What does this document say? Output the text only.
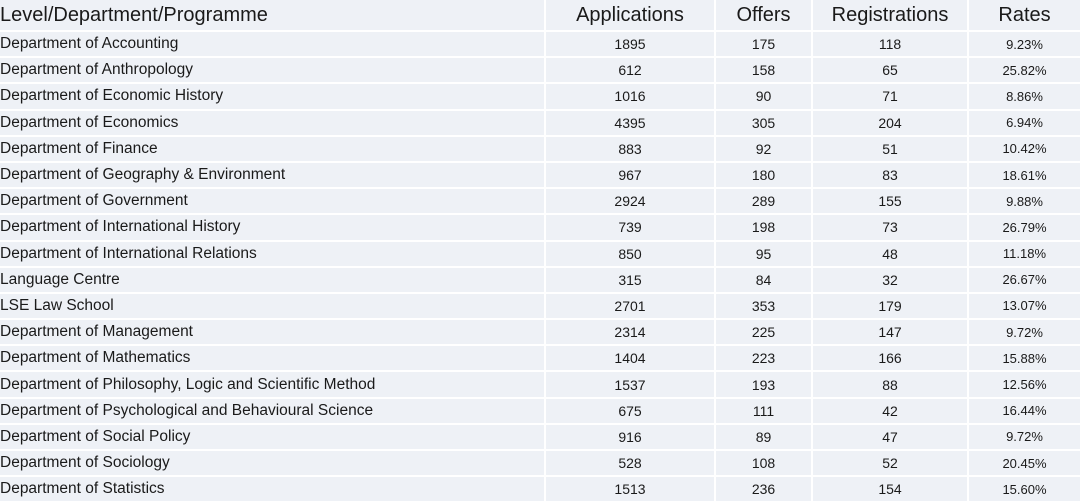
Level/Department/Programme	Applications	Offers	Registrations	Rates
Department of Accounting	1895	175	118	9.23%
Department of Anthropology	612	158	65	25.82%
Department of Economic History	1016	90	71	8.86%
Department of Economics	4395	305	204	6.94%
Department of Finance	883	92	51	10.42%
Department of Geography & Environment	967	180	83	18.61%
Department of Government	2924	289	155	9.88%
Department of International History	739	198	73	26.79%
Department of International Relations	850	95	48	11.18%
Language Centre	315	84	32	26.67%
LSE Law School	2701	353	179	13.07%
Department of Management	2314	225	147	9.72%
Department of Mathematics	1404	223	166	15.88%
Department of Philosophy, Logic and Scientific Method	1537	193	88	12.56%
Department of Psychological and Behavioural Science	675	111	42	16.44%
Department of Social Policy	916	89	47	9.72%
Department of Sociology	528	108	52	20.45%
Department of Statistics	1513	236	154	15.60%
